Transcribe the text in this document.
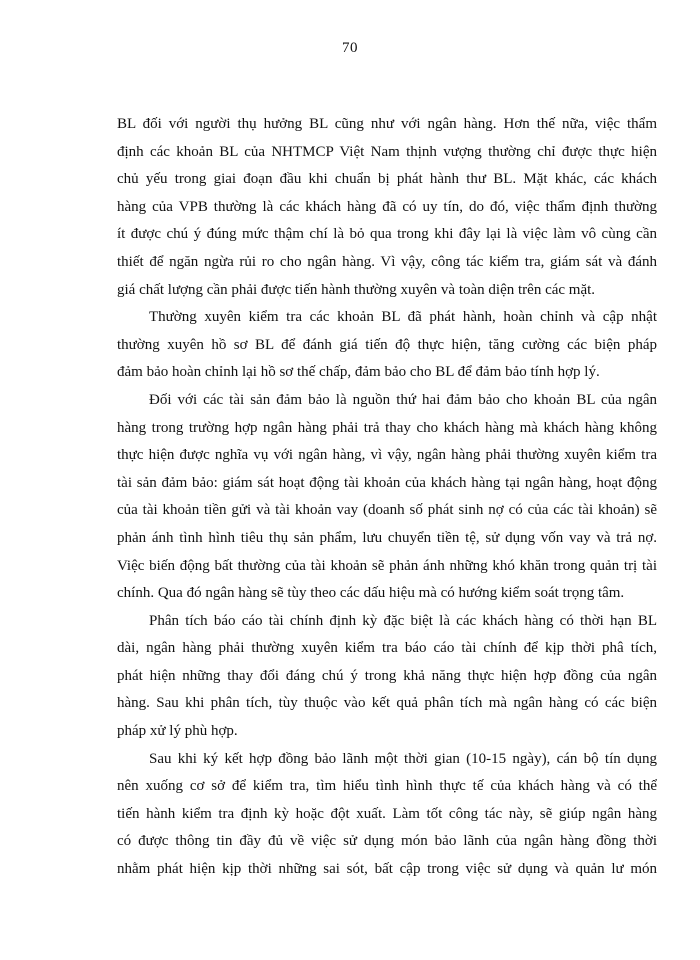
70
BL đối với người thụ hưởng BL cũng như với ngân hàng. Hơn thế nữa, việc thẩm
định các khoản BL của NHTMCP Việt Nam thịnh vượng thường chỉ được thực hiện
chủ yếu trong giai đoạn đầu khi chuẩn bị phát hành thư BL. Mặt khác, các khách
hàng của VPB thường là các khách hàng đã có uy tín, do đó, việc thẩm định thường
ít được chú ý đúng mức thậm chí là bỏ qua trong khi đây lại là việc làm vô cùng cần
thiết để ngăn ngừa rủi ro cho ngân hàng. Vì vậy, công tác kiểm tra, giám sát và đánh
giá chất lượng cần phải được tiến hành thường xuyên và toàn diện trên các mặt.
Thường xuyên kiểm tra các khoản BL đã phát hành, hoàn chỉnh và cập nhật
thường xuyên hồ sơ BL để đánh giá tiến độ thực hiện, tăng cường các biện pháp
đảm bảo hoàn chỉnh lại hồ sơ thế chấp, đảm bảo cho BL để đảm bảo tính hợp lý.
Đối với các tài sản đảm bảo là nguồn thứ hai đảm bảo cho khoản BL của ngân
hàng trong trường hợp ngân hàng phải trả thay cho khách hàng mà khách hàng không
thực hiện được nghĩa vụ với ngân hàng, vì vậy, ngân hàng phải thường xuyên kiểm tra
tài sản đảm bảo: giám sát hoạt động tài khoản của khách hàng tại ngân hàng, hoạt động
của tài khoản tiền gửi và tài khoản vay (doanh số phát sinh nợ có của các tài khoản) sẽ
phản ánh tình hình tiêu thụ sản phẩm, lưu chuyển tiền tệ, sử dụng vốn vay và trả nợ.
Việc biến động bất thường của tài khoản sẽ phản ánh những khó khăn trong quản trị tài
chính. Qua đó ngân hàng sẽ tùy theo các dấu hiệu mà có hướng kiểm soát trọng tâm.
Phân tích báo cáo tài chính định kỳ đặc biệt là các khách hàng có thời hạn BL
dài, ngân hàng phải thường xuyên kiểm tra báo cáo tài chính để kịp thời phâ tích,
phát hiện những thay đổi đáng chú ý trong khả năng thực hiện hợp đồng của ngân
hàng. Sau khi phân tích, tùy thuộc vào kết quả phân tích mà ngân hàng có các biện
pháp xử lý phù hợp.
Sau khi ký kết hợp đồng bảo lãnh một thời gian (10-15 ngày), cán bộ tín dụng
nên xuống cơ sở để kiểm tra, tìm hiểu tình hình thực tế của khách hàng và có thể
tiến hành kiểm tra định kỳ hoặc đột xuất. Làm tốt công tác này, sẽ giúp ngân hàng
có được thông tin đầy đủ về việc sử dụng món bảo lãnh của ngân hàng đồng thời
nhằm phát hiện kịp thời những sai sót, bất cập trong việc sử dụng và quản lư món
